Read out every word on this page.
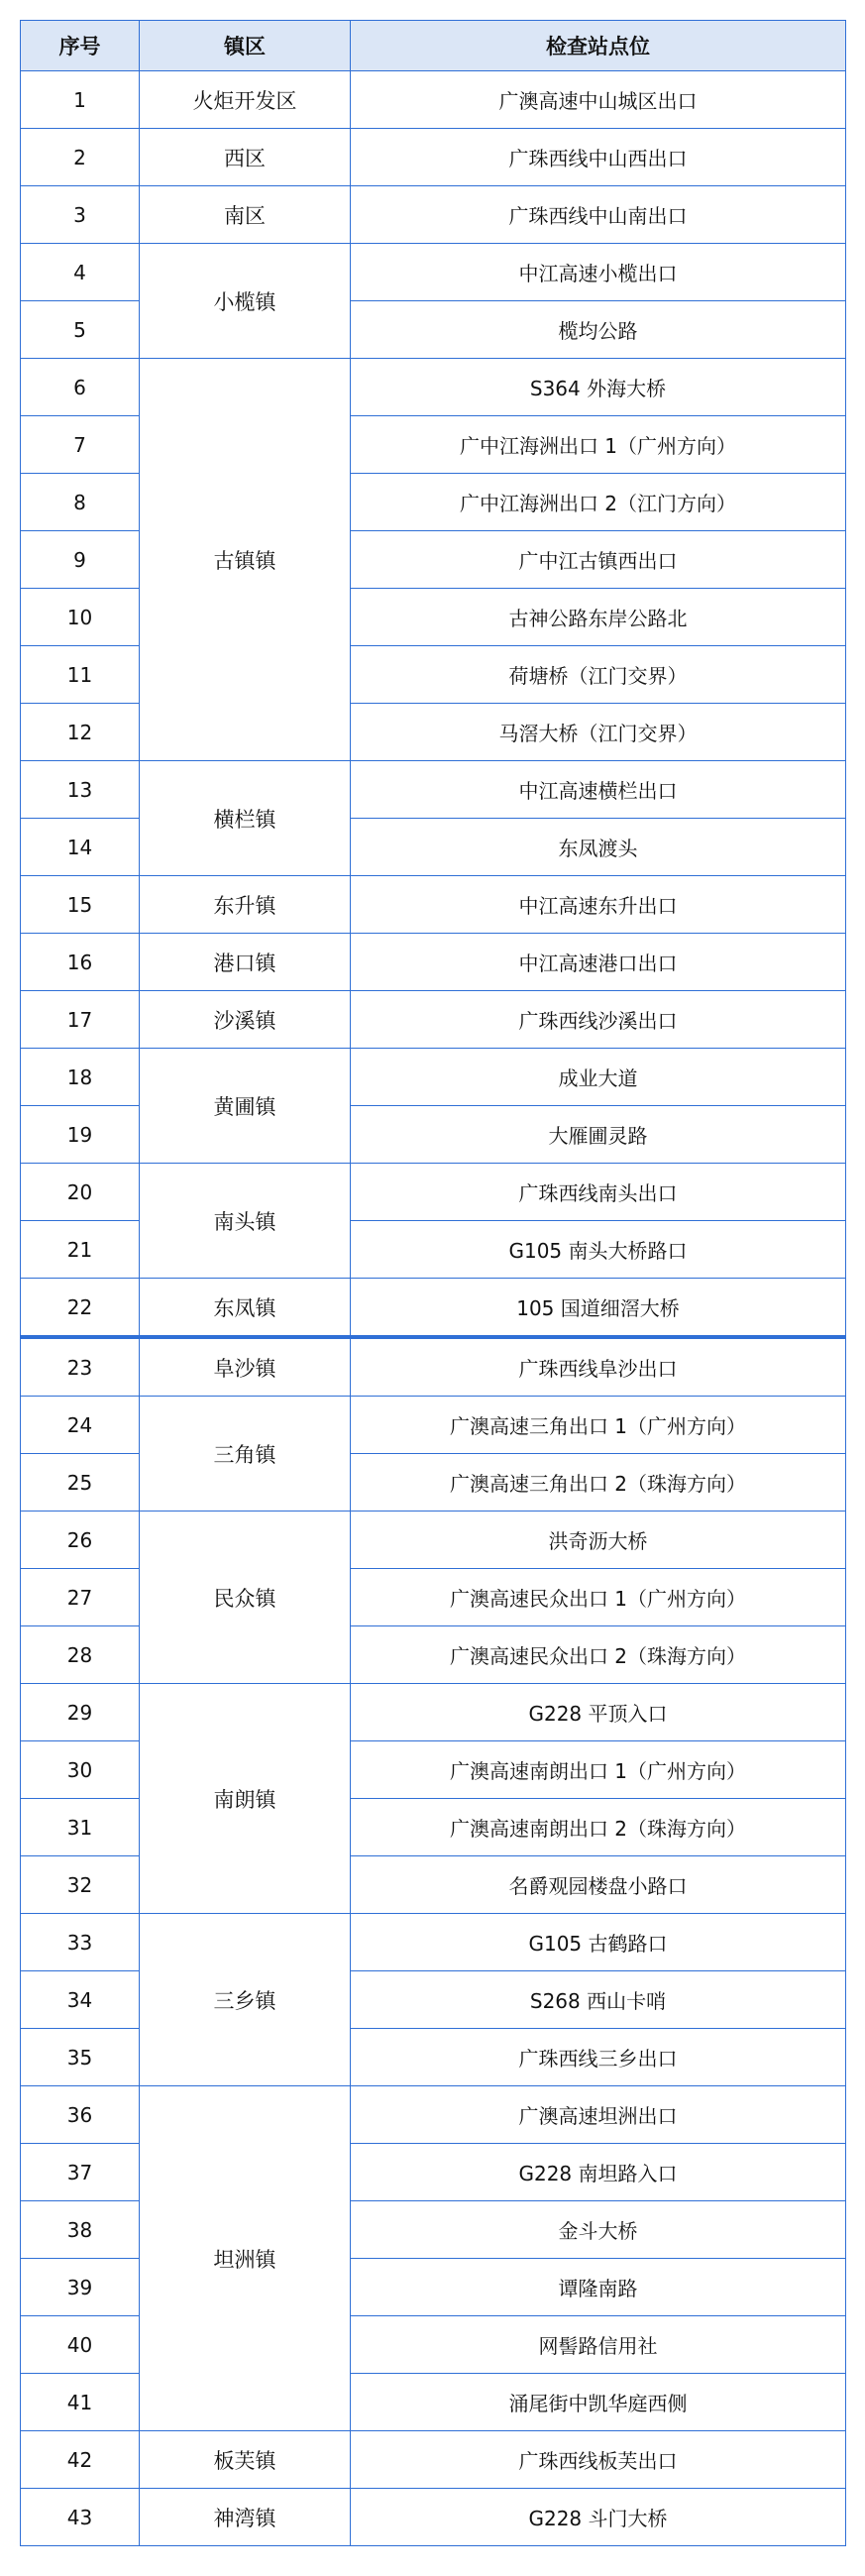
序号	镇区	检查站点位
1	火炬开发区	广澳高速中山城区出口
2	西区	广珠西线中山西出口
3	南区	广珠西线中山南出口
4	小榄镇	中江高速小榄出口
5		榄均公路
6	古镇镇	S364 外海大桥
7		广中江海洲出口 1（广州方向）
8		广中江海洲出口 2（江门方向）
9		广中江古镇西出口
10		古神公路东岸公路北
11		荷塘桥（江门交界）
12		马滘大桥（江门交界）
13	横栏镇	中江高速横栏出口
14		东凤渡头
15	东升镇	中江高速东升出口
16	港口镇	中江高速港口出口
17	沙溪镇	广珠西线沙溪出口
18	黄圃镇	成业大道
19		大雁圃灵路
20	南头镇	广珠西线南头出口
21		G105 南头大桥路口
22	东凤镇	105 国道细滘大桥
23	阜沙镇	广珠西线阜沙出口
24	三角镇	广澳高速三角出口 1（广州方向）
25		广澳高速三角出口 2（珠海方向）
26	民众镇	洪奇沥大桥
27		广澳高速民众出口 1（广州方向）
28		广澳高速民众出口 2（珠海方向）
29	南朗镇	G228 平顶入口
30		广澳高速南朗出口 1（广州方向）
31		广澳高速南朗出口 2（珠海方向）
32		名爵观园楼盘小路口
33	三乡镇	G105 古鹤路口
34		S268 西山卡哨
35		广珠西线三乡出口
36	坦洲镇	广澳高速坦洲出口
37		G228 南坦路入口
38		金斗大桥
39		谭隆南路
40		网髻路信用社
41		涌尾街中凯华庭西侧
42	板芙镇	广珠西线板芙出口
43	神湾镇	G228 斗门大桥
